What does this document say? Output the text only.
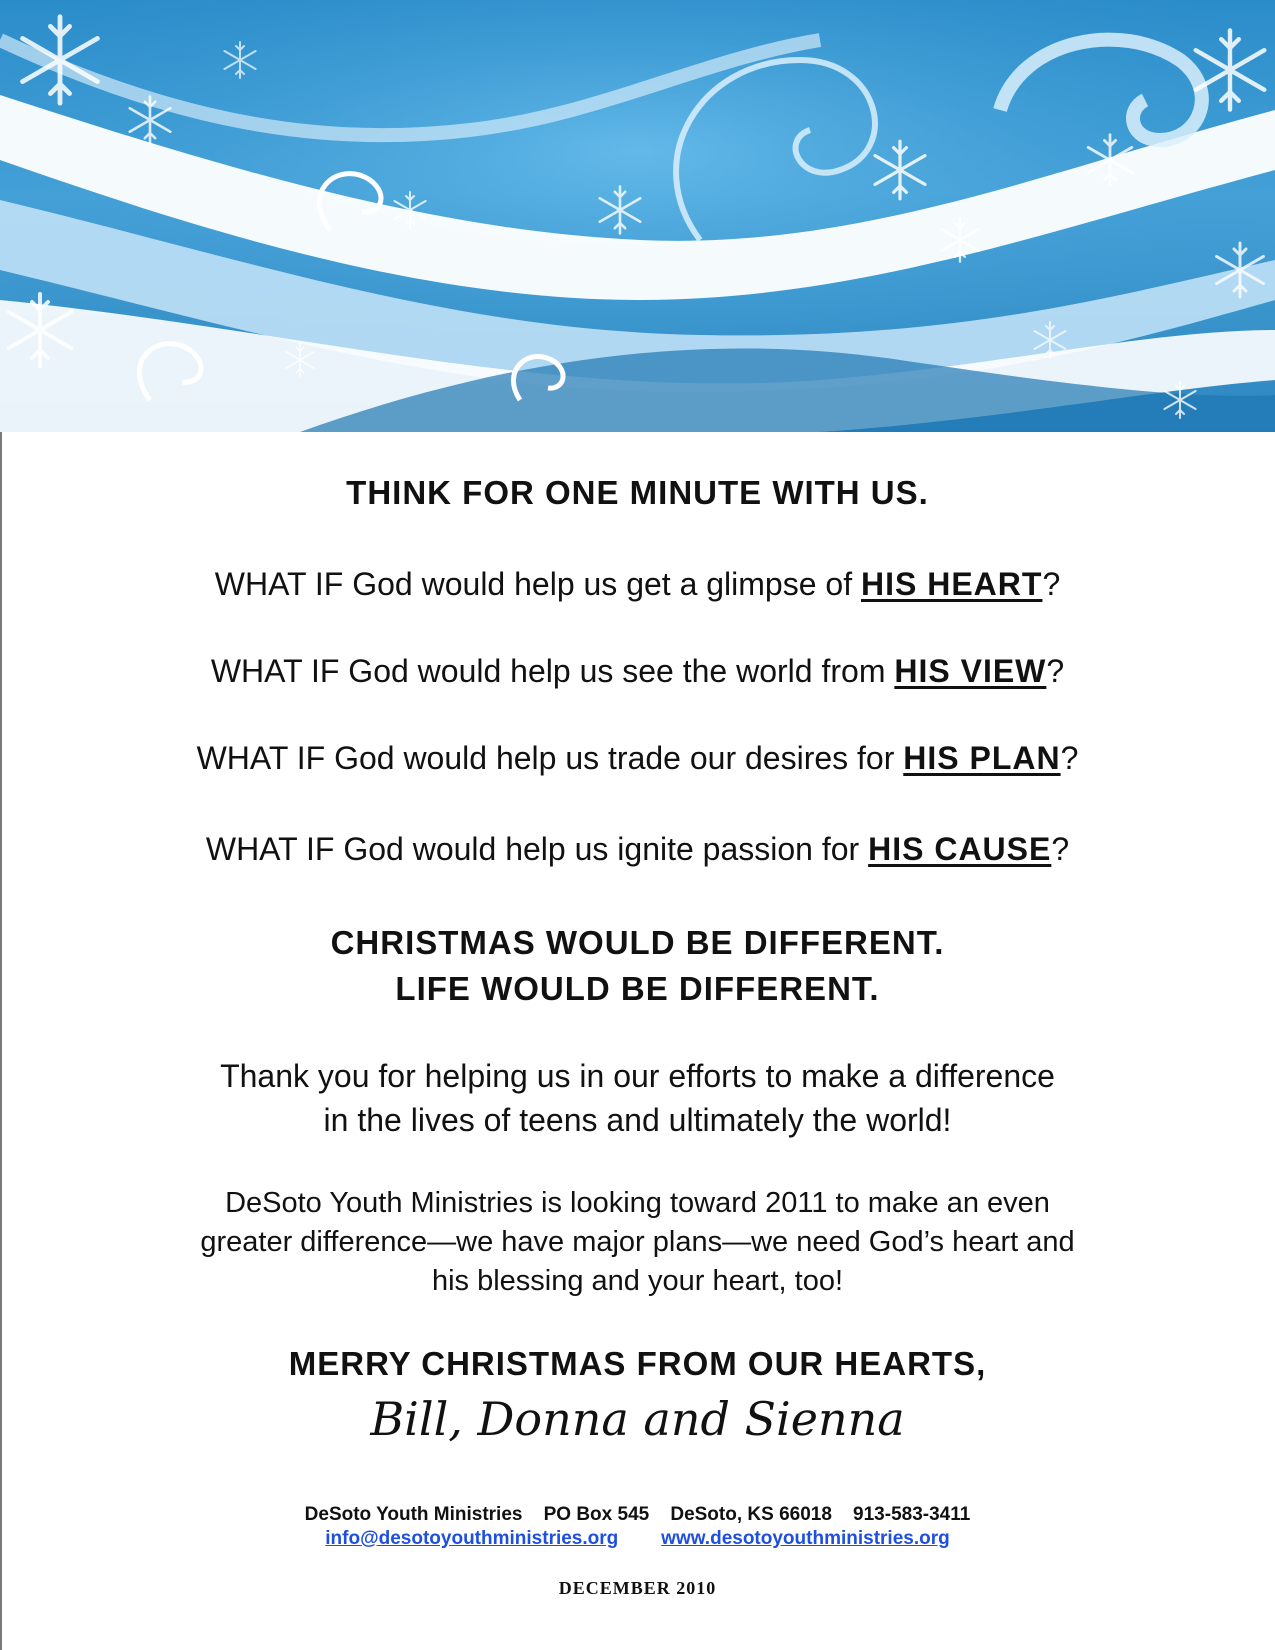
THINK FOR ONE MINUTE WITH US.
WHAT IF God would help us get a glimpse of HIS HEART?
WHAT IF God would help us see the world from HIS VIEW?
WHAT IF God would help us trade our desires for HIS PLAN?
WHAT IF God would help us ignite passion for HIS CAUSE?
CHRISTMAS WOULD BE DIFFERENT.
LIFE WOULD BE DIFFERENT.
Thank you for helping us in our efforts to make a difference
in the lives of teens and ultimately the world!
DeSoto Youth Ministries is looking toward 2011 to make an even
greater difference—we have major plans—we need God’s heart and
his blessing and your heart, too!
MERRY CHRISTMAS FROM OUR HEARTS,
Bill, Donna and Sienna
DeSoto Youth Ministries PO Box 545 DeSoto, KS 66018 913-583-3411
info@desotoyouthministries.org www.desotoyouthministries.org
DECEMBER 2010
